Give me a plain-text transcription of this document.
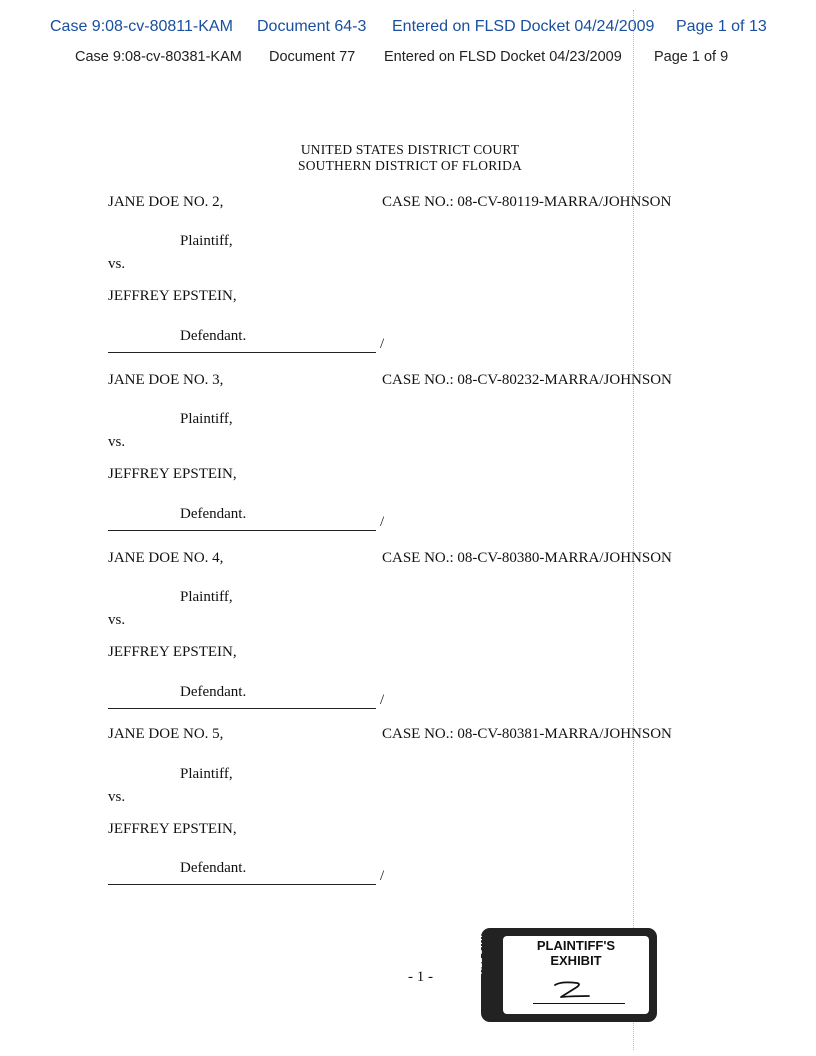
Case 9:08-cv-80811-KAM Document 64-3 Entered on FLSD Docket 04/24/2009 Page 1 of 13
Case 9:08-cv-80381-KAM Document 77 Entered on FLSD Docket 04/23/2009 Page 1 of 9
UNITED STATES DISTRICT COURT
SOUTHERN DISTRICT OF FLORIDA
JANE DOE NO. 2,	CASE NO.: 08-CV-80119-MARRA/JOHNSON
Plaintiff,
vs.
JEFFREY EPSTEIN,
Defendant.	/
JANE DOE NO. 3,	CASE NO.: 08-CV-80232-MARRA/JOHNSON
Plaintiff,
vs.
JEFFREY EPSTEIN,
Defendant.	/
JANE DOE NO. 4,	CASE NO.: 08-CV-80380-MARRA/JOHNSON
Plaintiff,
vs.
JEFFREY EPSTEIN,
Defendant.	/
JANE DOE NO. 5,	CASE NO.: 08-CV-80381-MARRA/JOHNSON
Plaintiff,
vs.
JEFFREY EPSTEIN,
Defendant.	/
- 1 -
ALL-STATE LEGAL®	PLAINTIFF'S
EXHIBIT
